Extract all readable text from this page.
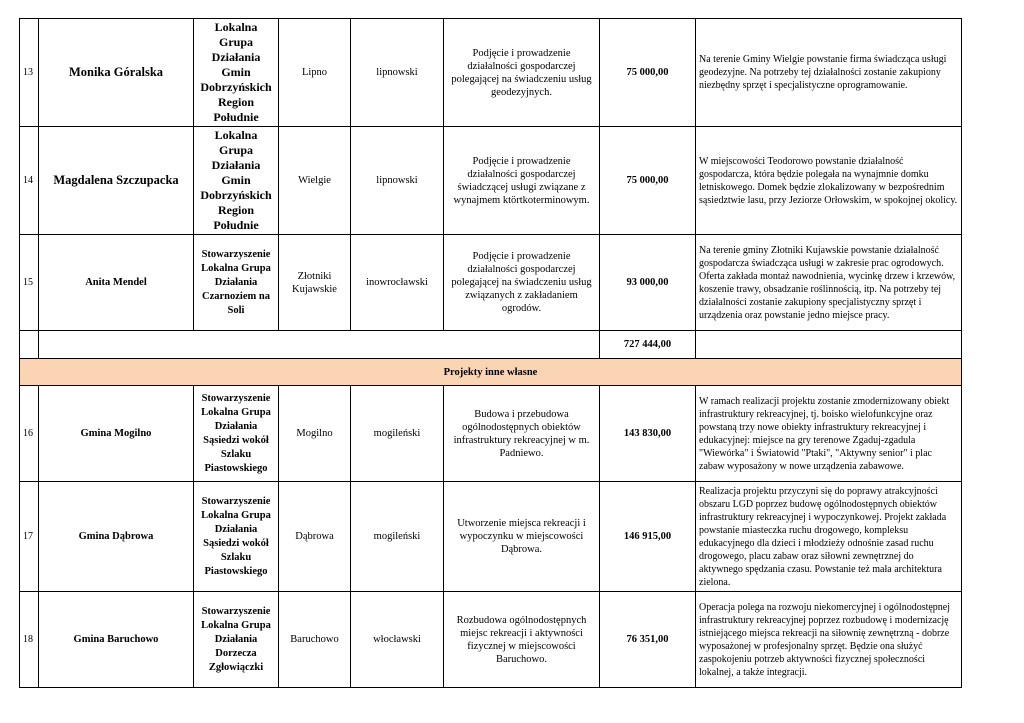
13	Monika Góralska	Lokalna Grupa Działania Gmin Dobrzyńskich Region Południe	Lipno	lipnowski	Podjęcie i prowadzenie działalności gospodarczej polegającej na świadczeniu usług geodezyjnych.	75 000,00	Na terenie Gminy Wielgie powstanie firma świadcząca usługi geodezyjne. Na potrzeby tej działalności zostanie zakupiony niezbędny sprzęt i specjalistyczne oprogramowanie.
14	Magdalena Szczupacka	Lokalna Grupa Działania Gmin Dobrzyńskich Region Południe	Wielgie	lipnowski	Podjęcie i prowadzenie działalności gospodarczej świadczącej usługi związane z wynajmem ktörtkoterminowym.	75 000,00	W miejscowości Teodorowo powstanie działalność gospodarcza, która będzie polegała na wynajmnie domku letniskowego. Domek będzie zlokalizowany w bezpośrednim sąsiedztwie lasu, przy Jeziorze Orłowskim, w spokojnej okolicy.
15	Anita Mendel	Stowarzyszenie Lokalna Grupa Działania Czarnoziem na Soli	Złotniki Kujawskie	inowrocławski	Podjęcie i prowadzenie działalności gospodarczej polegającej na świadczeniu usług związanych z zakładaniem ogrodów.	93 000,00	Na terenie gminy Złotniki Kujawskie powstanie działalność gospodarcza świadcząca usługi w zakresie prac ogrodowych. Oferta zakłada montaż nawodnienia, wycinkę drzew i krzewów, koszenie trawy, obsadzanie roślinnością, itp. Na potrzeby tej działalności zostanie zakupiony specjalistyczny sprzęt i urządzenia oraz powstanie jedno miejsce pracy.
						727 444,00	
Projekty inne własne							
16	Gmina Mogilno	Stowarzyszenie Lokalna Grupa Działania Sąsiedzi wokół Szlaku Piastowskiego	Mogilno	mogileński	Budowa i przebudowa ogólnodostępnych obiektów infrastruktury rekreacyjnej w m. Padniewo.	143 830,00	W ramach realizacji projektu zostanie zmodernizowany obiekt infrastruktury rekreacyjnej, tj. boisko wielofunkcyjne oraz powstaną trzy nowe obiekty infrastruktury rekreacyjnej i edukacyjnej: miejsce na gry terenowe Zgaduj-zgadula "Wiewórka" i Światowid "Ptaki", "Aktywny senior" i plac zabaw wyposażony w nowe urządzenia zabawowe.
17	Gmina Dąbrowa	Stowarzyszenie Lokalna Grupa Działania Sąsiedzi wokół Szlaku Piastowskiego	Dąbrowa	mogileński	Utworzenie miejsca rekreacji i wypoczynku w miejscowości Dąbrowa.	146 915,00	Realizacja projektu przyczyni się do poprawy atrakcyjności obszaru LGD poprzez budowę ogólnodostępnych obiektów infrastruktury rekreacyjnej i wypoczynkowej. Projekt zakłada powstanie miasteczka ruchu drogowego, kompleksu edukacyjnego dla dzieci i młodzieży odnośnie zasad ruchu drogowego, placu zabaw oraz siłowni zewnętrznej do aktywnego spędzania czasu. Powstanie też mała architektura zielona.
18	Gmina Baruchowo	Stowarzyszenie Lokalna Grupa Działania Dorzecza Zgłowiączki	Baruchowo	włocławski	Rozbudowa ogólnodostępnych miejsc rekreacji i aktywności fizycznej w miejscowości Baruchowo.	76 351,00	Operacja polega na rozwoju niekomercyjnej i ogólnodostępnej infrastruktury rekreacyjnej poprzez rozbudowę i modernizację istniejącego miejsca rekreacji na siłownię zewnętrzną - dobrze wyposażonej w profesjonalny sprzęt. Będzie ona służyć zaspokojeniu potrzeb aktywności fizycznej społeczności lokalnej, a także integracji.
